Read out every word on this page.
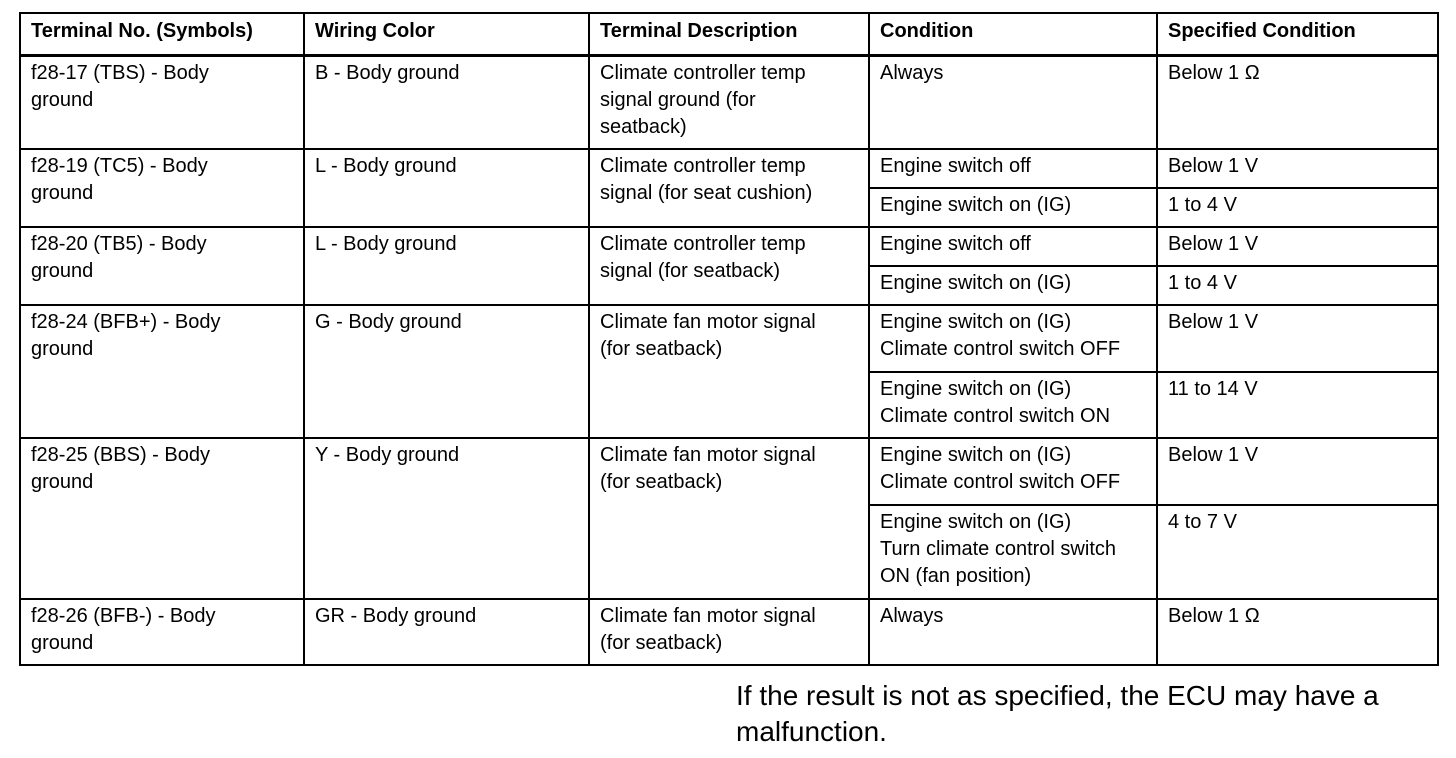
Terminal No. (Symbols)	Wiring Color	Terminal Description	Condition	Specified Condition
f28-17 (TBS) - Body
ground	B - Body ground	Climate controller temp
signal ground (for
seatback)	Always	Below 1 Ω
f28-19 (TC5) - Body
ground	L - Body ground	Climate controller temp
signal (for seat cushion)	Engine switch off	Below 1 V
			Engine switch on (IG)	1 to 4 V
f28-20 (TB5) - Body
ground	L - Body ground	Climate controller temp
signal (for seatback)	Engine switch off	Below 1 V
			Engine switch on (IG)	1 to 4 V
f28-24 (BFB+) - Body
ground	G - Body ground	Climate fan motor signal
(for seatback)	Engine switch on (IG)
Climate control switch OFF	Below 1 V
			Engine switch on (IG)
Climate control switch ON	11 to 14 V
f28-25 (BBS) - Body
ground	Y - Body ground	Climate fan motor signal
(for seatback)	Engine switch on (IG)
Climate control switch OFF	Below 1 V
			Engine switch on (IG)
Turn climate control switch
ON (fan position)	4 to 7 V
f28-26 (BFB-) - Body
ground	GR - Body ground	Climate fan motor signal
(for seatback)	Always	Below 1 Ω
If the result is not as specified, the ECU may have a
malfunction.
